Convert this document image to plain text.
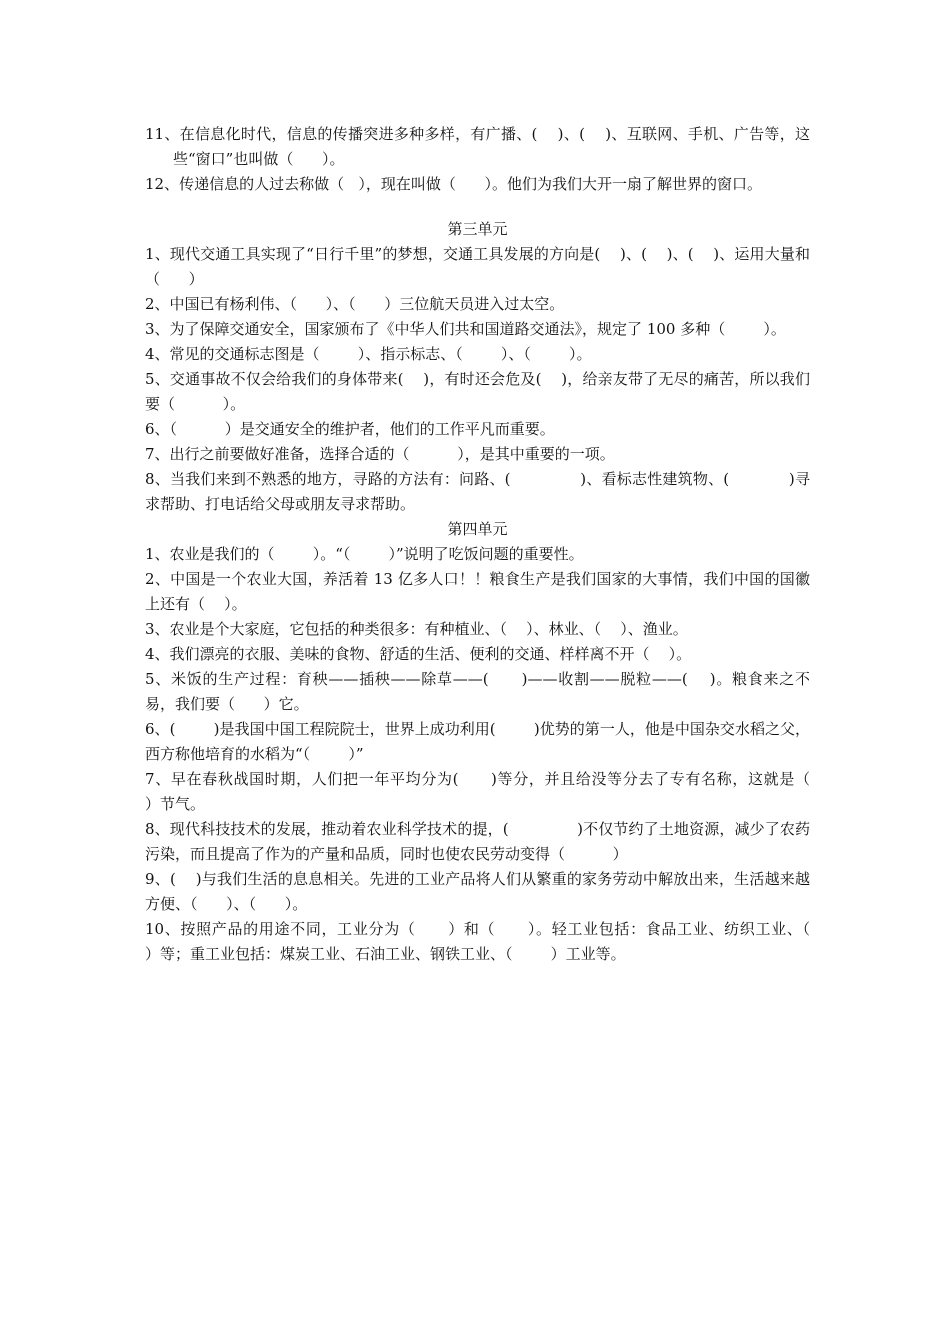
11、在信息化时代，信息的传播突进多种多样，有广播、(    )、(    )、互联网、手机、广告等，这些“窗口”也叫做（      ）。

12、传递信息的人过去称做（   ），现在叫做（      ）。他们为我们大开一扇了解世界的窗口。

第三单元

1、现代交通工具实现了“日行千里”的梦想，交通工具发展的方向是(    )、(    )、(    )、运用大量和（      ）

2、中国已有杨利伟、（      ）、（      ）三位航天员进入过太空。

3、为了保障交通安全，国家颁布了《中华人们共和国道路交通法》，规定了 100 多种（        ）。

4、常见的交通标志图是（        ）、指示标志、（        ）、（        ）。

5、交通事故不仅会给我们的身体带来(    )，有时还会危及(    )，给亲友带了无尽的痛苦，所以我们要（          ）。

6、（          ）是交通安全的维护者，他们的工作平凡而重要。

7、出行之前要做好准备，选择合适的（          ），是其中重要的一项。

8、当我们来到不熟悉的地方，寻路的方法有：问路、(              )、看标志性建筑物、(            )寻求帮助、打电话给父母或朋友寻求帮助。

第四单元

1、农业是我们的（        ）。“（        ）”说明了吃饭问题的重要性。

2、中国是一个农业大国，养活着 13 亿多人口！！粮食生产是我们国家的大事情，我们中国的国徽上还有（    ）。

3、农业是个大家庭，它包括的种类很多：有种植业、（    ）、林业、（    ）、渔业。

4、我们漂亮的衣服、美味的食物、舒适的生活、便利的交通、样样离不开（    ）。

5、米饭的生产过程：育秧——插秧——除草——(      )——收割——脱粒——(    )。粮食来之不易，我们要（      ）它。

6、(        )是我国中国工程院院士，世界上成功利用(        )优势的第一人，他是中国杂交水稻之父，西方称他培育的水稻为“（        ）”

7、早在春秋战国时期，人们把一年平均分为(      )等分，并且给没等分去了专有名称，这就是（      ）节气。

8、现代科技技术的发展，推动着农业科学技术的提，(              )不仅节约了土地资源，减少了农药污染，而且提高了作为的产量和品质，同时也使农民劳动变得（          ）

9、(    )与我们生活的息息相关。先进的工业产品将人们从繁重的家务劳动中解放出来，生活越来越方便、（      ）、（      ）。

10、按照产品的用途不同，工业分为（      ）和（      ）。轻工业包括：食品工业、纺织工业、（      ）等；重工业包括：煤炭工业、石油工业、钢铁工业、（        ）工业等。
